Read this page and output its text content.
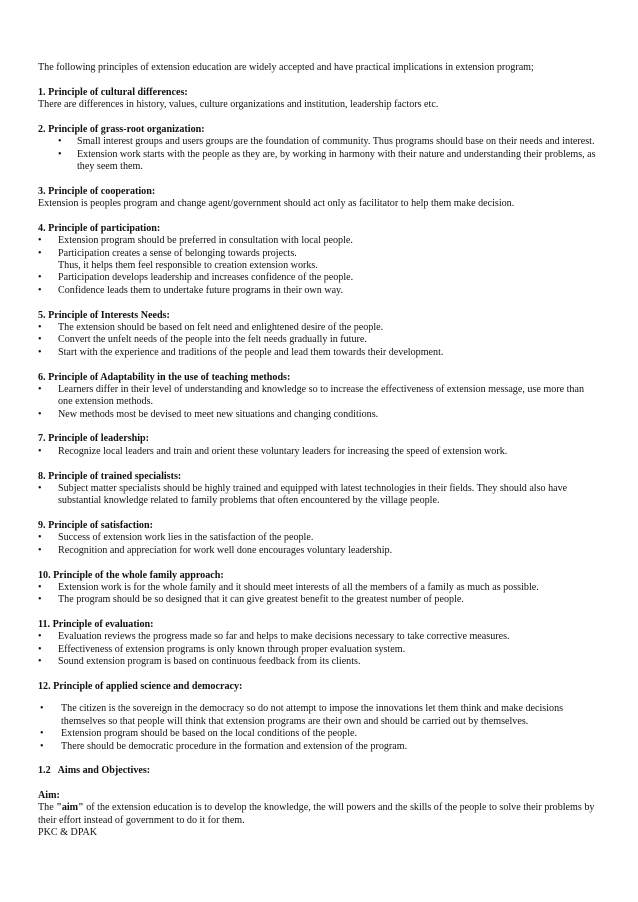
The following principles of extension education are widely accepted and have practical implications in extension program;

1. Principle of cultural differences:

There are differences in history, values, culture organizations and institution, leadership factors etc.

2. Principle of grass-root organization:

• Small interest groups and users groups are the foundation of community. Thus programs should base on their needs and interest.
• Extension work starts with the people as they are, by working in harmony with their nature and understanding their problems, as they seem them.

3. Principle of cooperation:

Extension is peoples program and change agent/government should act only as facilitator to help them make decision.

4. Principle of participation:

• Extension program should be preferred in consultation with local people.
• Participation creates a sense of belonging towards projects.

Thus, it helps them feel responsible to creation extension works.

• Participation develops leadership and increases confidence of the people.
• Confidence leads them to undertake future programs in their own way.

5. Principle of Interests Needs:

• The extension should be based on felt need and enlightened desire of the people.
• Convert the unfelt needs of the people into the felt needs gradually in future.
• Start with the experience and traditions of the people and lead them towards their development.

6. Principle of Adaptability in the use of teaching methods:

• Learners differ in their level of understanding and knowledge so to increase the effectiveness of extension message, use more than one extension methods.
• New methods most be devised to meet new situations and changing conditions.

7. Principle of leadership:

• Recognize local leaders and train and orient these voluntary leaders for increasing the speed of extension work.

8. Principle of trained specialists:

• Subject matter specialists should be highly trained and equipped with latest technologies in their fields. They should also have substantial knowledge related to family problems that often encountered by the village people.

9. Principle of satisfaction:

• Success of extension work lies in the satisfaction of the people.
• Recognition and appreciation for work well done encourages voluntary leadership.

10. Principle of the whole family approach:

• Extension work is for the whole family and it should meet interests of all the members of a family as much as possible.
• The program should be so designed that it can give greatest benefit to the greatest number of people.

11. Principle of evaluation:

• Evaluation reviews the progress made so far and helps to make decisions necessary to take corrective measures.
• Effectiveness of extension programs is only known through proper evaluation system.
• Sound extension program is based on continuous feedback from its clients.

12. Principle of applied science and democracy:

• The citizen is the sovereign in the democracy so do not attempt to impose the innovations let them think and make decisions themselves so that people will think that extension programs are their own and should be carried out by themselves.
• Extension program should be based on the local conditions of the people.
• There should be democratic procedure in the formation and extension of the program.

1.2   Aims and Objectives:

Aim:

The "aim" of the extension education is to develop the knowledge, the will powers and the skills of the people to solve their problems by their effort instead of government to do it for them.

PKC & DPAK
